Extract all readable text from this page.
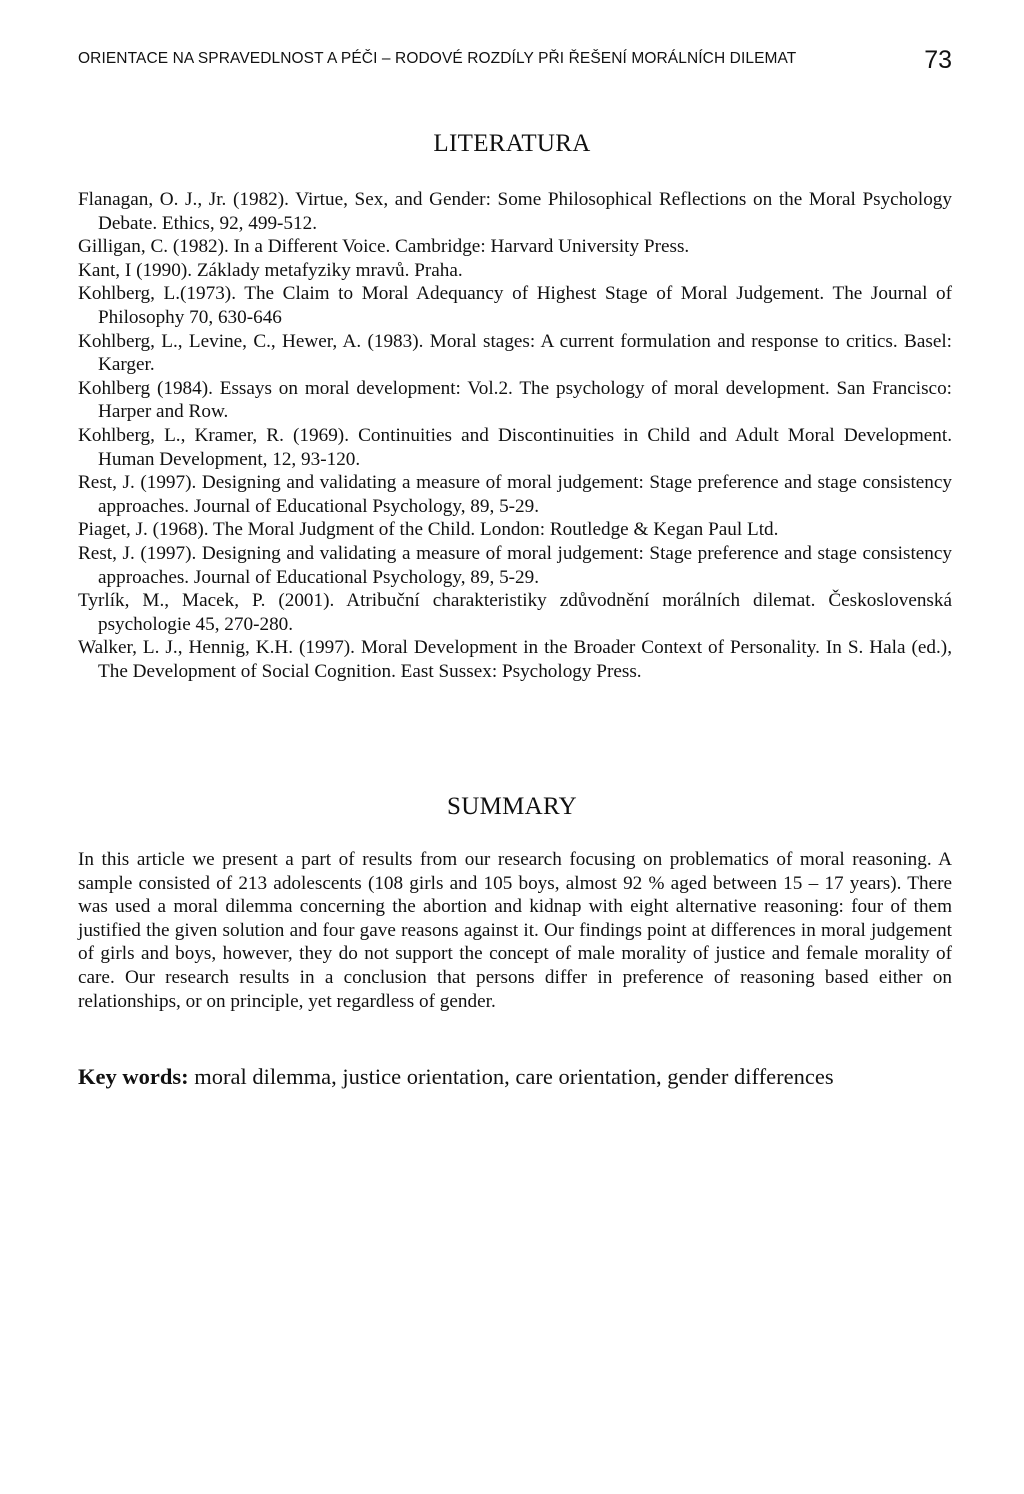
ORIENTACE NA SPRAVEDLNOST A PÉČI – RODOVÉ ROZDÍLY PŘI ŘEŠENÍ MORÁLNÍCH DILEMAT	73
LITERATURA
Flanagan, O. J., Jr. (1982). Virtue, Sex, and Gender: Some Philosophical Reflections on the Moral Psychology Debate. Ethics, 92, 499-512.
Gilligan, C. (1982). In a Different Voice. Cambridge: Harvard University Press.
Kant, I (1990). Základy metafyziky mravů. Praha.
Kohlberg, L.(1973). The Claim to Moral Adequancy of Highest Stage of Moral Judgement. The Journal of Philosophy 70, 630-646
Kohlberg, L., Levine, C., Hewer, A. (1983). Moral stages: A current formulation and response to critics. Basel: Karger.
Kohlberg (1984). Essays on moral development: Vol.2. The psychology of moral development. San Francisco: Harper and Row.
Kohlberg, L., Kramer, R. (1969). Continuities and Discontinuities in Child and Adult Moral Development. Human Development, 12, 93-120.
Rest, J. (1997). Designing and validating a measure of moral judgement: Stage preference and stage consistency approaches. Journal of Educational Psychology, 89, 5-29.
Piaget, J. (1968). The Moral Judgment of the Child. London: Routledge & Kegan Paul Ltd.
Rest, J. (1997). Designing and validating a measure of moral judgement: Stage preference and stage consistency approaches. Journal of Educational Psychology, 89, 5-29.
Tyrlík, M., Macek, P. (2001). Atribuční charakteristiky zdůvodnění morálních dilemat. Československá psychologie 45, 270-280.
Walker, L. J., Hennig, K.H. (1997). Moral Development in the Broader Context of Personality. In S. Hala (ed.), The Development of Social Cognition. East Sussex: Psychology Press.
SUMMARY

In this article we present a part of results from our research focusing on problematics of moral reasoning. A sample consisted of 213 adolescents (108 girls and 105 boys, almost 92 % aged between 15 – 17 years). There was used a moral dilemma concerning the abortion and kidnap with eight alternative reasoning: four of them justified the given solution and four gave reasons against it. Our findings point at differences in moral judgement of girls and boys, however, they do not support the concept of male morality of justice and female morality of care. Our research results in a conclusion that persons differ in preference of reasoning based either on relationships, or on principle, yet regardless of gender.

Key words: moral dilemma, justice orientation, care orientation, gender differences
